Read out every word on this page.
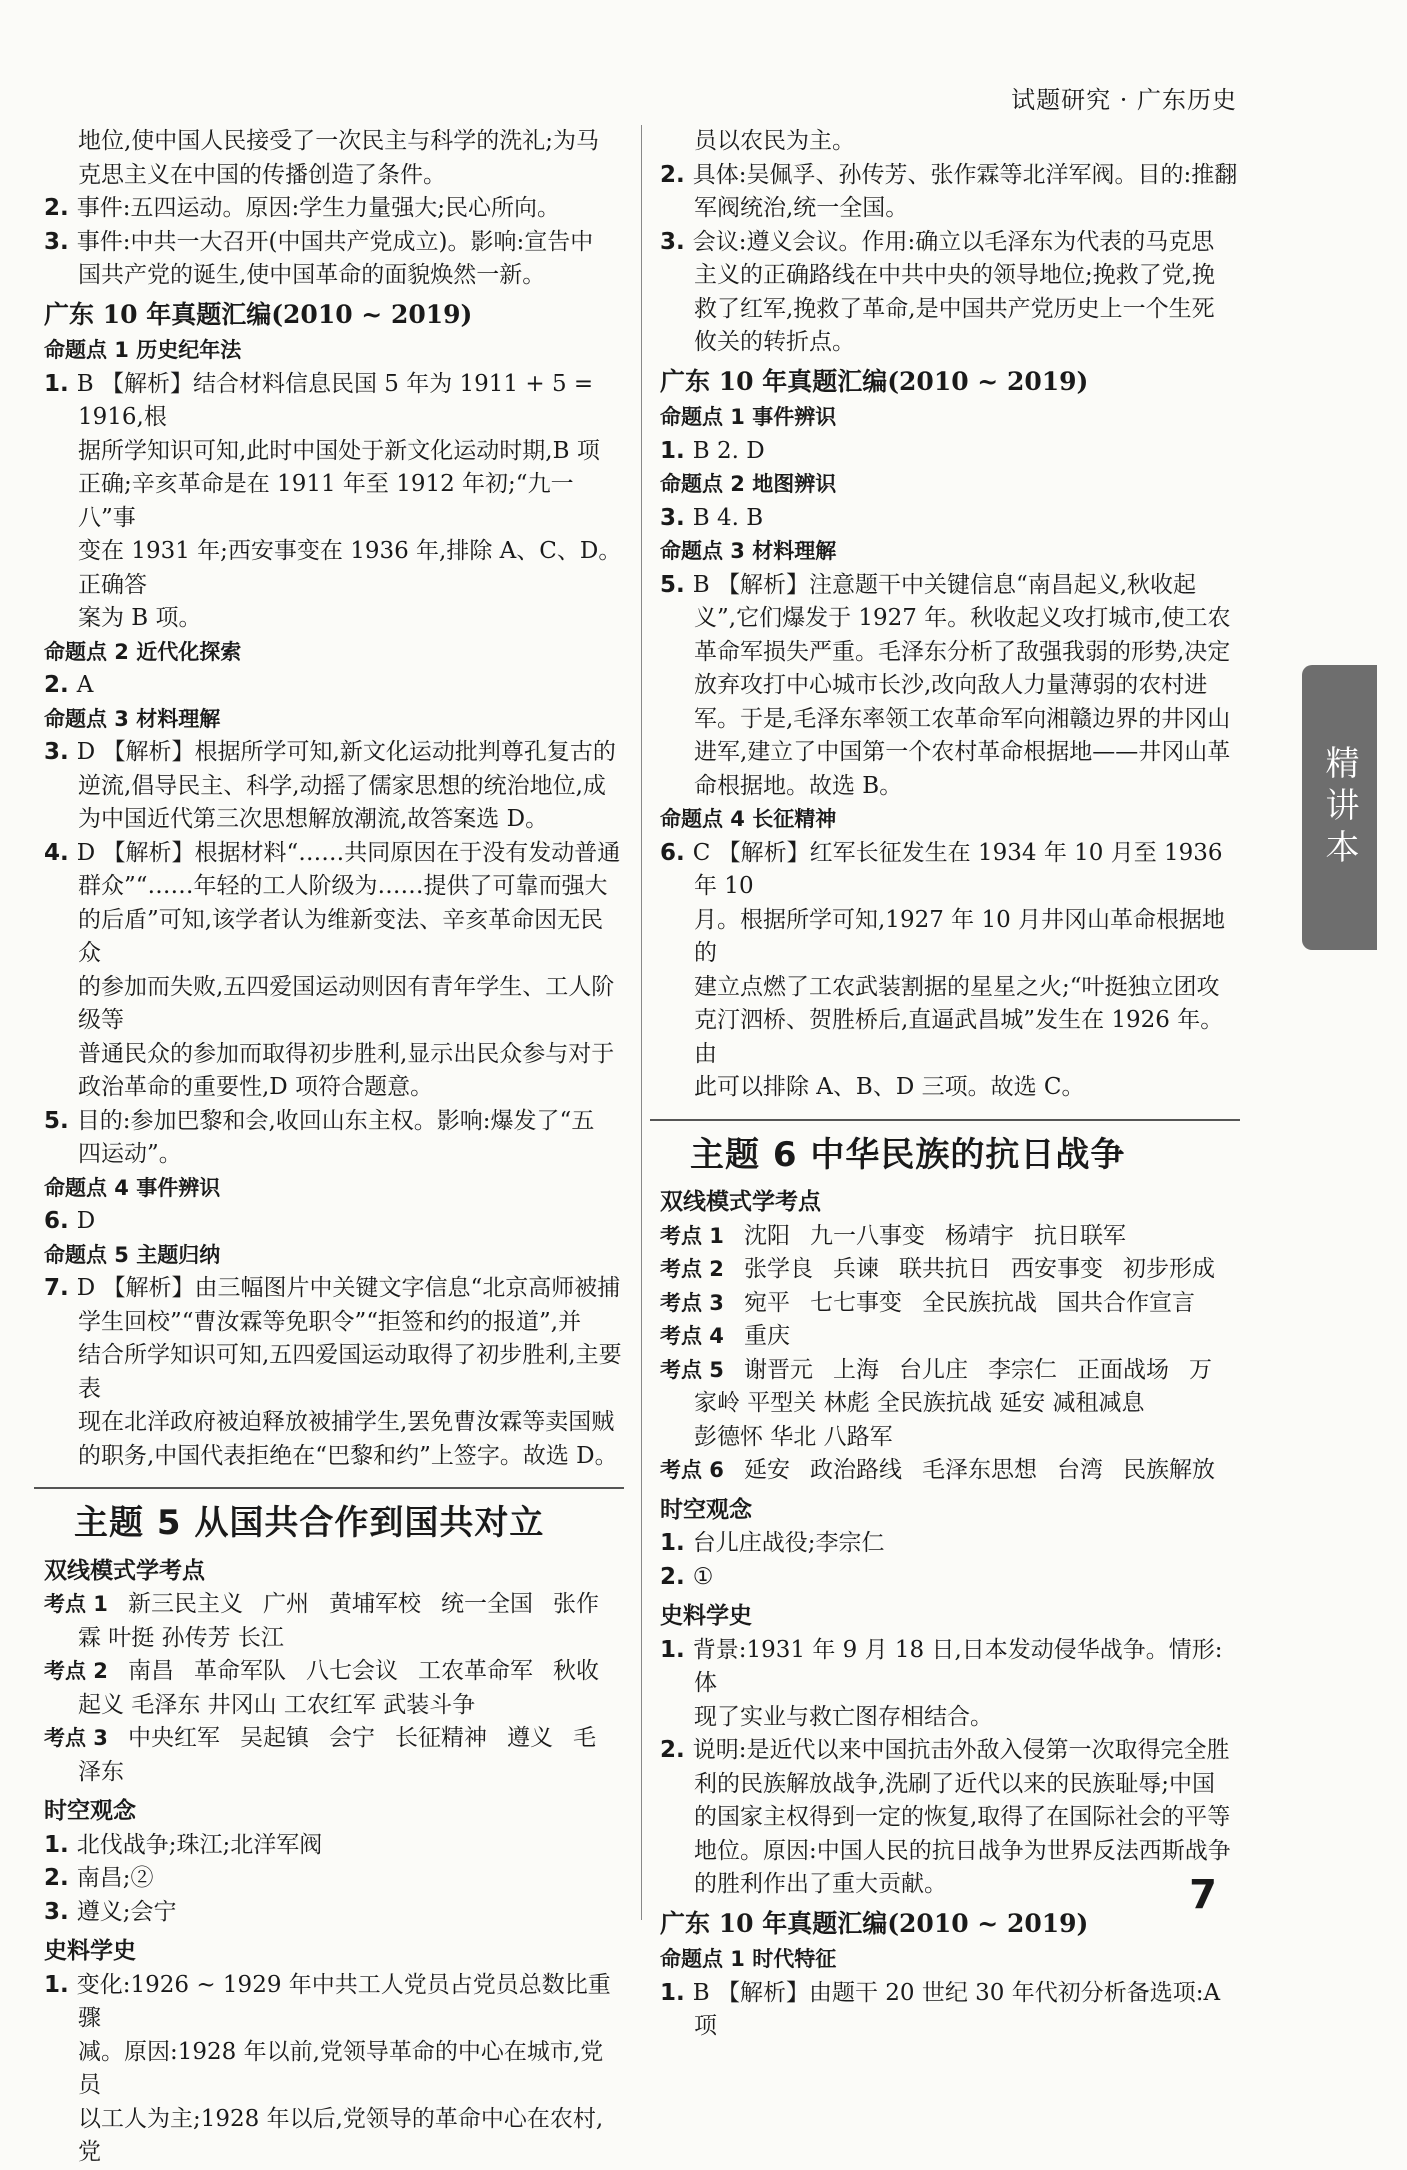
试题研究 · 广东历史
地位,使中国人民接受了一次民主与科学的洗礼;为马
克思主义在中国的传播创造了条件。
2. 事件:五四运动。原因:学生力量强大;民心所向。
3. 事件:中共一大召开(中国共产党成立)。影响:宣告中
国共产党的诞生,使中国革命的面貌焕然一新。
广东 10 年真题汇编(2010 ~ 2019)
命题点 1 历史纪年法
1. B 【解析】结合材料信息民国 5 年为 1911 + 5 = 1916,根
据所学知识可知,此时中国处于新文化运动时期,B 项
正确;辛亥革命是在 1911 年至 1912 年初;“九一八”事
变在 1931 年;西安事变在 1936 年,排除 A、C、D。正确答
案为 B 项。
命题点 2 近代化探索
2. A
命题点 3 材料理解
3. D 【解析】根据所学可知,新文化运动批判尊孔复古的
逆流,倡导民主、科学,动摇了儒家思想的统治地位,成
为中国近代第三次思想解放潮流,故答案选 D。
4. D 【解析】根据材料“……共同原因在于没有发动普通
群众”“……年轻的工人阶级为……提供了可靠而强大
的后盾”可知,该学者认为维新变法、辛亥革命因无民众
的参加而失败,五四爱国运动则因有青年学生、工人阶级等
普通民众的参加而取得初步胜利,显示出民众参与对于
政治革命的重要性,D 项符合题意。
5. 目的:参加巴黎和会,收回山东主权。影响:爆发了“五
四运动”。
命题点 4 事件辨识
6. D
命题点 5 主题归纳
7. D 【解析】由三幅图片中关键文字信息“北京高师被捕
学生回校”“曹汝霖等免职令”“拒签和约的报道”,并
结合所学知识可知,五四爱国运动取得了初步胜利,主要表
现在北洋政府被迫释放被捕学生,罢免曹汝霖等卖国贼
的职务,中国代表拒绝在“巴黎和约”上签字。故选 D。
主题 5 从国共合作到国共对立
双线模式学考点
考点 1 新三民主义 广州 黄埔军校 统一全国 张作
霖 叶挺 孙传芳 长江
考点 2 南昌 革命军队 八七会议 工农革命军 秋收
起义 毛泽东 井冈山 工农红军 武装斗争
考点 3 中央红军 吴起镇 会宁 长征精神 遵义 毛
泽东
时空观念
1. 北伐战争;珠江;北洋军阀
2. 南昌;②
3. 遵义;会宁
史料学史
1. 变化:1926 ~ 1929 年中共工人党员占党员总数比重骤
减。原因:1928 年以前,党领导革命的中心在城市,党员
以工人为主;1928 年以后,党领导的革命中心在农村,党
员以农民为主。
2. 具体:吴佩孚、孙传芳、张作霖等北洋军阀。目的:推翻
军阀统治,统一全国。
3. 会议:遵义会议。作用:确立以毛泽东为代表的马克思
主义的正确路线在中共中央的领导地位;挽救了党,挽
救了红军,挽救了革命,是中国共产党历史上一个生死
攸关的转折点。
广东 10 年真题汇编(2010 ~ 2019)
命题点 1 事件辨识
1. B 2. D
命题点 2 地图辨识
3. B 4. B
命题点 3 材料理解
5. B 【解析】注意题干中关键信息“南昌起义,秋收起
义”,它们爆发于 1927 年。秋收起义攻打城市,使工农
革命军损失严重。毛泽东分析了敌强我弱的形势,决定
放弃攻打中心城市长沙,改向敌人力量薄弱的农村进
军。于是,毛泽东率领工农革命军向湘赣边界的井冈山
进军,建立了中国第一个农村革命根据地——井冈山革
命根据地。故选 B。
命题点 4 长征精神
6. C 【解析】红军长征发生在 1934 年 10 月至 1936 年 10
月。根据所学可知,1927 年 10 月井冈山革命根据地的
建立点燃了工农武装割据的星星之火;“叶挺独立团攻
克汀泗桥、贺胜桥后,直逼武昌城”发生在 1926 年。由
此可以排除 A、B、D 三项。故选 C。
主题 6 中华民族的抗日战争
双线模式学考点
考点 1 沈阳 九一八事变 杨靖宇 抗日联军
考点 2 张学良 兵谏 联共抗日 西安事变 初步形成
考点 3 宛平 七七事变 全民族抗战 国共合作宣言
考点 4 重庆
考点 5 谢晋元 上海 台儿庄 李宗仁 正面战场 万
家岭 平型关 林彪 全民族抗战 延安 减租减息
彭德怀 华北 八路军
考点 6 延安 政治路线 毛泽东思想 台湾 民族解放
时空观念
1. 台儿庄战役;李宗仁
2. ①
史料学史
1. 背景:1931 年 9 月 18 日,日本发动侵华战争。情形:体
现了实业与救亡图存相结合。
2. 说明:是近代以来中国抗击外敌入侵第一次取得完全胜
利的民族解放战争,洗刷了近代以来的民族耻辱;中国
的国家主权得到一定的恢复,取得了在国际社会的平等
地位。原因:中国人民的抗日战争为世界反法西斯战争
的胜利作出了重大贡献。
广东 10 年真题汇编(2010 ~ 2019)
命题点 1 时代特征
1. B 【解析】由题干 20 世纪 30 年代初分析备选项:A 项
精讲本
7
